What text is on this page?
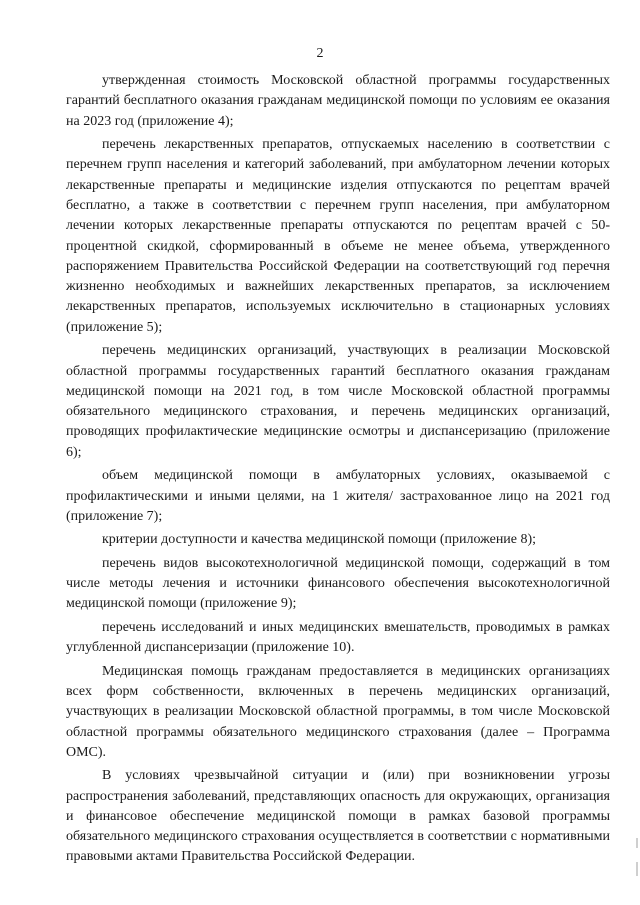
2

утвержденная стоимость Московской областной программы государственных гарантий бесплатного оказания гражданам медицинской помощи по условиям ее оказания на 2023 год (приложение 4);

перечень лекарственных препаратов, отпускаемых населению в соответствии с перечнем групп населения и категорий заболеваний, при амбулаторном лечении которых лекарственные препараты и медицинские изделия отпускаются по рецептам врачей бесплатно, а также в соответствии с перечнем групп населения, при амбулаторном лечении которых лекарственные препараты отпускаются по рецептам врачей с 50-процентной скидкой, сформированный в объеме не менее объема, утвержденного распоряжением Правительства Российской Федерации на соответствующий год перечня жизненно необходимых и важнейших лекарственных препаратов, за исключением лекарственных препаратов, используемых исключительно в стационарных условиях (приложение 5);

перечень медицинских организаций, участвующих в реализации Московской областной программы государственных гарантий бесплатного оказания гражданам медицинской помощи на 2021 год, в том числе Московской областной программы обязательного медицинского страхования, и перечень медицинских организаций, проводящих профилактические медицинские осмотры и диспансеризацию (приложение 6);

объем медицинской помощи в амбулаторных условиях, оказываемой с профилактическими и иными целями, на 1 жителя/ застрахованное лицо на 2021 год (приложение 7);

критерии доступности и качества медицинской помощи (приложение 8);

перечень видов высокотехнологичной медицинской помощи, содержащий в том числе методы лечения и источники финансового обеспечения высокотехнологичной медицинской помощи (приложение 9);

перечень исследований и иных медицинских вмешательств, проводимых в рамках углубленной диспансеризации (приложение 10).

Медицинская помощь гражданам предоставляется в медицинских организациях всех форм собственности, включенных в перечень медицинских организаций, участвующих в реализации Московской областной программы, в том числе Московской областной программы обязательного медицинского страхования (далее – Программа ОМС).

В условиях чрезвычайной ситуации и (или) при возникновении угрозы распространения заболеваний, представляющих опасность для окружающих, организация и финансовое обеспечение медицинской помощи в рамках базовой программы обязательного медицинского страхования осуществляется в соответствии с нормативными правовыми актами Правительства Российской Федерации.
